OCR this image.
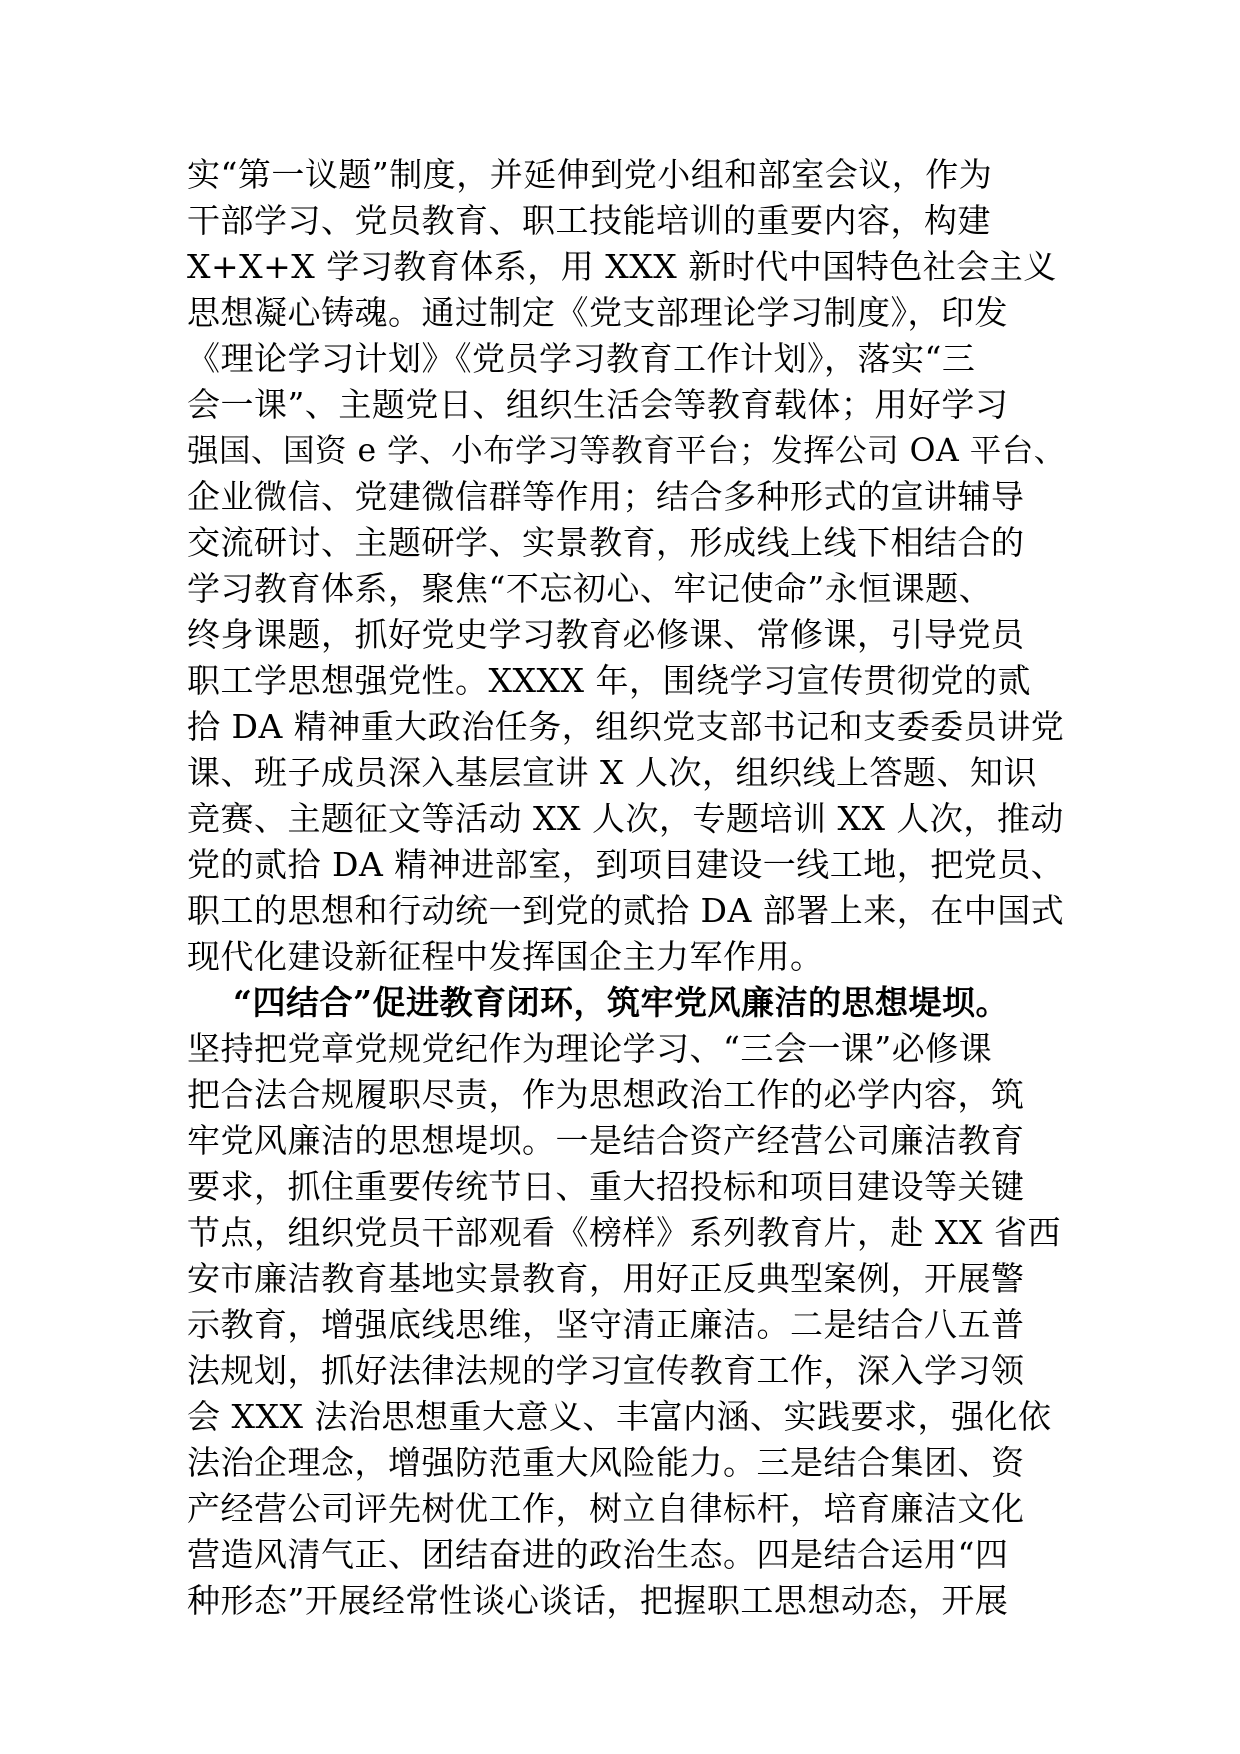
实“第一议题”制度，并延伸到党小组和部室会议，作为
干部学习、党员教育、职工技能培训的重要内容，构建
X+X+X 学习教育体系，用 XXX 新时代中国特色社会主义
思想凝心铸魂。通过制定《党支部理论学习制度》，印发
《理论学习计划》《党员学习教育工作计划》，落实“三
会一课”、主题党日、组织生活会等教育载体；用好学习
强国、国资 e 学、小布学习等教育平台；发挥公司 OA 平台、
企业微信、党建微信群等作用；结合多种形式的宣讲辅导
交流研讨、主题研学、实景教育，形成线上线下相结合的
学习教育体系，聚焦“不忘初心、牢记使命”永恒课题、
终身课题，抓好党史学习教育必修课、常修课，引导党员
职工学思想强党性。XXXX 年，围绕学习宣传贯彻党的贰
拾 DA 精神重大政治任务，组织党支部书记和支委委员讲党
课、班子成员深入基层宣讲 X 人次，组织线上答题、知识
竞赛、主题征文等活动 XX 人次，专题培训 XX 人次，推动
党的贰拾 DA 精神进部室，到项目建设一线工地，把党员、
职工的思想和行动统一到党的贰拾 DA 部署上来，在中国式
现代化建设新征程中发挥国企主力军作用。
“四结合”促进教育闭环，筑牢党风廉洁的思想堤坝。
坚持把党章党规党纪作为理论学习、“三会一课”必修课
把合法合规履职尽责，作为思想政治工作的必学内容，筑
牢党风廉洁的思想堤坝。一是结合资产经营公司廉洁教育
要求，抓住重要传统节日、重大招投标和项目建设等关键
节点，组织党员干部观看《榜样》系列教育片，赴 XX 省西
安市廉洁教育基地实景教育，用好正反典型案例，开展警
示教育，增强底线思维，坚守清正廉洁。二是结合八五普
法规划，抓好法律法规的学习宣传教育工作，深入学习领
会 XXX 法治思想重大意义、丰富内涵、实践要求，强化依
法治企理念，增强防范重大风险能力。三是结合集团、资
产经营公司评先树优工作，树立自律标杆，培育廉洁文化
营造风清气正、团结奋进的政治生态。四是结合运用“四
种形态”开展经常性谈心谈话，把握职工思想动态，开展
